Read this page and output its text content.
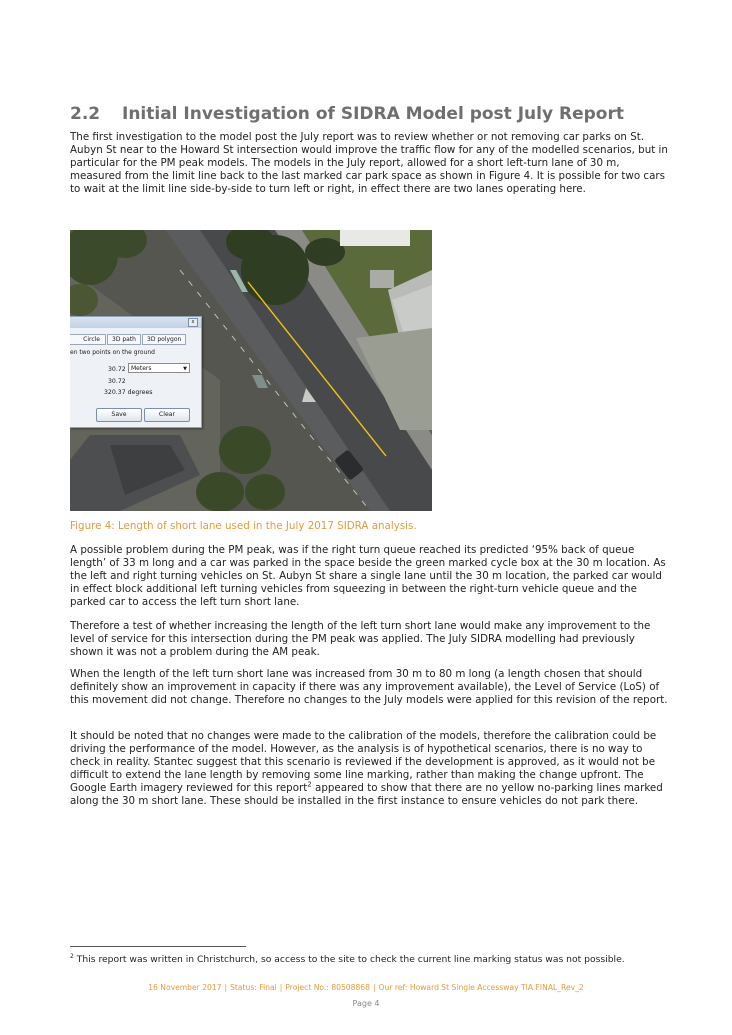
2.2 Initial Investigation of SIDRA Model post July Report

The first investigation to the model post the July report was to review whether or not removing car parks on St. Aubyn St near to the Howard St intersection would improve the traffic flow for any of the modelled scenarios, but in particular for the PM peak models. The models in the July report, allowed for a short left-turn lane of 30 m, measured from the limit line back to the last marked car park space as shown in Figure 4. It is possible for two cars to wait at the limit line side-by-side to turn left or right, in effect there are two lanes operating here.

x
Circle	3D path	3D polygon
en two points on the ground
30.72 Meters	▼
30.72
320.37 degrees
Save	Clear
Figure 4: Length of short lane used in the July 2017 SIDRA analysis.

A possible problem during the PM peak, was if the right turn queue reached its predicted ‘95% back of queue length’ of 33 m long and a car was parked in the space beside the green marked cycle box at the 30 m location. As the left and right turning vehicles on St. Aubyn St share a single lane until the 30 m location, the parked car would in effect block additional left turning vehicles from squeezing in between the right-turn vehicle queue and the parked car to access the left turn short lane.

Therefore a test of whether increasing the length of the left turn short lane would make any improvement to the level of service for this intersection during the PM peak was applied. The July SIDRA modelling had previously shown it was not a problem during the AM peak.

When the length of the left turn short lane was increased from 30 m to 80 m long (a length chosen that should definitely show an improvement in capacity if there was any improvement available), the Level of Service (LoS) of this movement did not change. Therefore no changes to the July models were applied for this revision of the report.

It should be noted that no changes were made to the calibration of the models, therefore the calibration could be driving the performance of the model. However, as the analysis is of hypothetical scenarios, there is no way to check in reality. Stantec suggest that this scenario is reviewed if the development is approved, as it would not be difficult to extend the lane length by removing some line marking, rather than making the change upfront. The Google Earth imagery reviewed for this report$^2$ appeared to show that there are no yellow no-parking lines marked along the 30 m short lane. These should be installed in the first instance to ensure vehicles do not park there.

$^2$ This report was written in Christchurch, so access to the site to check the current line marking status was not possible.
16 November 2017 | Status: Final | Project No.: 80508868 | Our ref: Howard St Single Accessway TIA FINAL_Rev_2
Page 4
